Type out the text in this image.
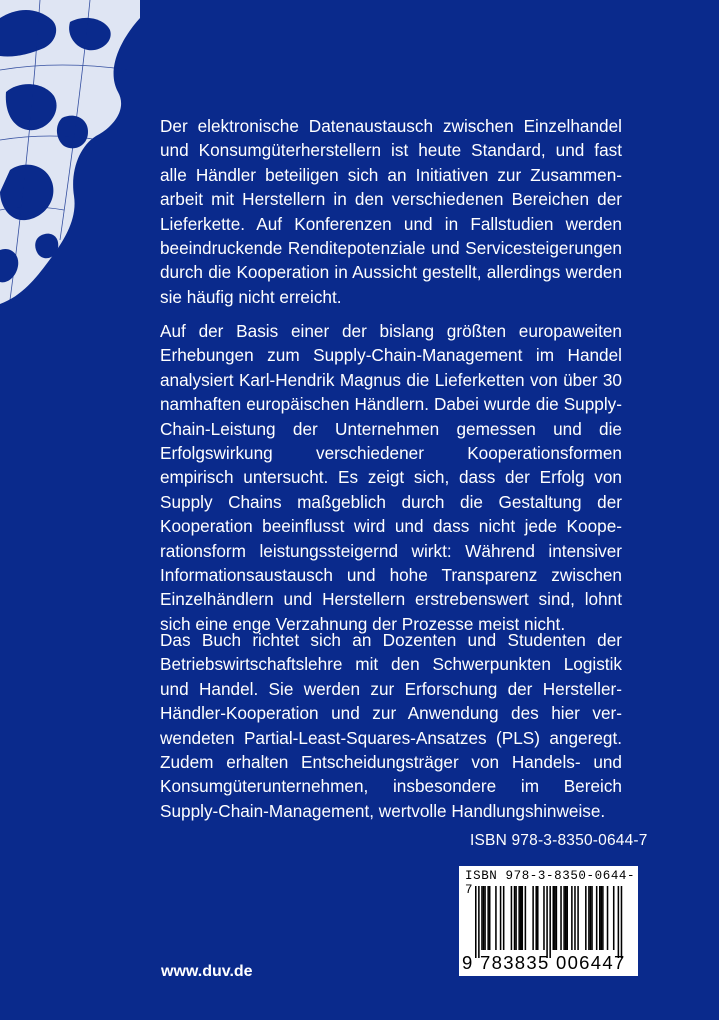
Der elektronische Datenaustausch zwischen Einzelhandel und Konsumgüterherstellern ist heute Standard, und fast alle Händler beteiligen sich an Initiativen zur Zusammenarbeit mit Herstellern in den verschiedenen Bereichen der Lieferkette. Auf Konferenzen und in Fallstudien werden beeindruckende Renditepotenziale und Servicesteigerungen durch die Kooperation in Aussicht gestellt, allerdings werden sie häufig nicht erreicht.

Auf der Basis einer der bislang größten europaweiten Erhebungen zum Supply-Chain-Management im Handel analysiert Karl-Hendrik Magnus die Lieferketten von über 30 namhaften europäischen Händlern. Dabei wurde die Supply-Chain-Leistung der Unternehmen gemessen und die Erfolgswirkung verschiedener Kooperationsformen empirisch untersucht. Es zeigt sich, dass der Erfolg von Supply Chains maßgeblich durch die Gestaltung der Kooperation beeinflusst wird und dass nicht jede Kooperationsform leistungssteigernd wirkt: Während intensiver Informationsaustausch und hohe Transparenz zwischen Einzelhändlern und Herstellern erstrebenswert sind, lohnt sich eine enge Verzahnung der Prozesse meist nicht.

Das Buch richtet sich an Dozenten und Studenten der Betriebswirtschaftslehre mit den Schwerpunkten Logistik und Handel. Sie werden zur Erforschung der Hersteller-Händler-Kooperation und zur Anwendung des hier verwendeten Partial-Least-Squares-Ansatzes (PLS) angeregt. Zudem erhalten Entscheidungsträger von Handels- und Konsumgüterunternehmen, insbesondere im Bereich Supply-Chain-Management, wertvolle Handlungshinweise.

ISBN 978-3-8350-0644-7
ISBN 978-3-8350-0644-7
9 783835 006447
www.duv.de
